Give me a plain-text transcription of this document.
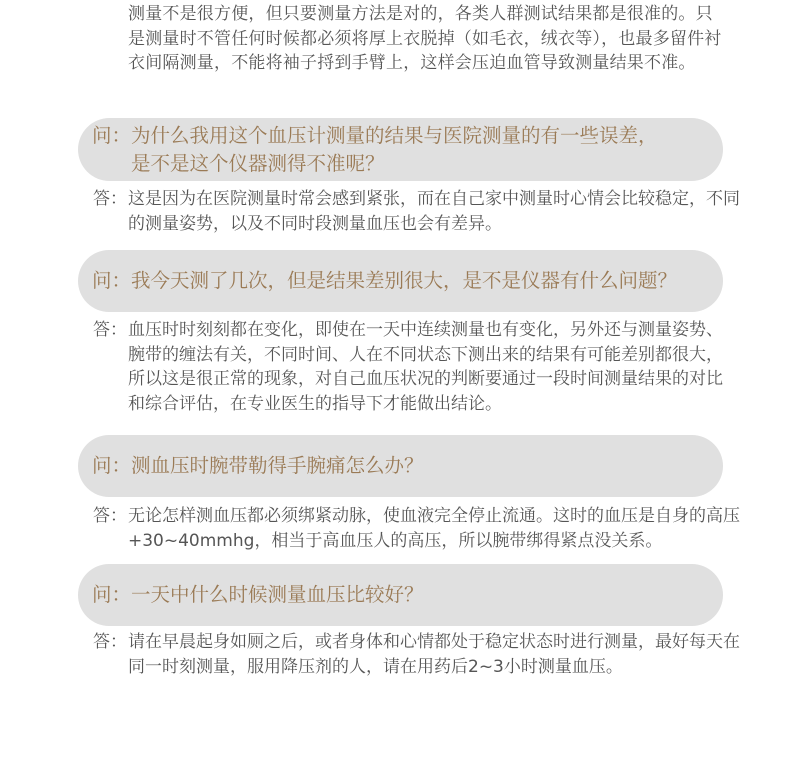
测量不是很方便，但只要测量方法是对的，各类人群测试结果都是很准的。只是测量时不管任何时候都必须将厚上衣脱掉（如毛衣，绒衣等），也最多留件衬衣间隔测量，不能将袖子捋到手臂上，这样会压迫血管导致测量结果不准。
问： 为什么我用这个血压计测量的结果与医院测量的有一些误差，是不是这个仪器测得不准呢？
答： 这是因为在医院测量时常会感到紧张，而在自己家中测量时心情会比较稳定，不同的测量姿势，以及不同时段测量血压也会有差异。
问： 我今天测了几次，但是结果差别很大，是不是仪器有什么问题？
答： 血压时时刻刻都在变化，即使在一天中连续测量也有变化，另外还与测量姿势、腕带的缠法有关，不同时间、人在不同状态下测出来的结果有可能差别都很大，所以这是很正常的现象，对自己血压状况的判断要通过一段时间测量结果的对比和综合评估，在专业医生的指导下才能做出结论。
问： 测血压时腕带勒得手腕痛怎么办？
答： 无论怎样测血压都必须绑紧动脉，使血液完全停止流通。这时的血压是自身的高压+30~40mmhg，相当于高血压人的高压，所以腕带绑得紧点没关系。
问： 一天中什么时候测量血压比较好？
答： 请在早晨起身如厕之后，或者身体和心情都处于稳定状态时进行测量，最好每天在同一时刻测量，服用降压剂的人，请在用药后2~3小时测量血压。
